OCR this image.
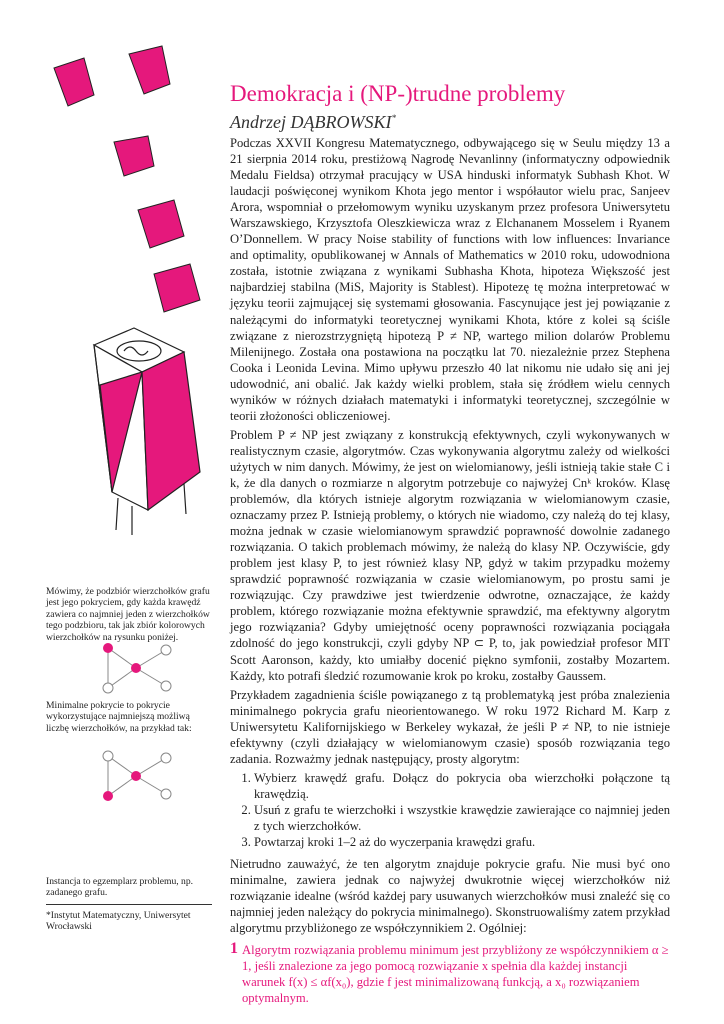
Mówimy, że podzbiór wierzchołków grafu jest jego pokryciem, gdy każda krawędź zawiera co najmniej jeden z wierzchołków tego podzbioru, tak jak zbiór kolorowych wierzchołków na rysunku poniżej.
Minimalne pokrycie to pokrycie wykorzystujące najmniejszą możliwą liczbę wierzchołków, na przykład tak:
Instancja to egzemplarz problemu, np. zadanego grafu.
*Instytut Matematyczny, Uniwersytet Wrocławski
Demokracja i (NP-)trudne problemy
Andrzej DĄBROWSKI*

Podczas XXVII Kongresu Matematycznego, odbywającego się w Seulu między 13 a 21 sierpnia 2014 roku, prestiżową Nagrodę Nevanlinny (informatyczny odpowiednik Medalu Fieldsa) otrzymał pracujący w USA hinduski informatyk Subhash Khot. W laudacji poświęconej wynikom Khota jego mentor i współautor wielu prac, Sanjeev Arora, wspomniał o przełomowym wyniku uzyskanym przez profesora Uniwersytetu Warszawskiego, Krzysztofa Oleszkiewicza wraz z Elchananem Mosselem i Ryanem O’Donnellem. W pracy Noise stability of functions with low influences: Invariance and optimality, opublikowanej w Annals of Mathematics w 2010 roku, udowodniona została, istotnie związana z wynikami Subhasha Khota, hipoteza Większość jest najbardziej stabilna (MiS, Majority is Stablest). Hipotezę tę można interpretować w języku teorii zajmującej się systemami głosowania. Fascynujące jest jej powiązanie z należącymi do informatyki teoretycznej wynikami Khota, które z kolei są ściśle związane z nierozstrzygniętą hipotezą P ≠ NP, wartego milion dolarów Problemu Milenijnego. Została ona postawiona na początku lat 70. niezależnie przez Stephena Cooka i Leonida Levina. Mimo upływu przeszło 40 lat nikomu nie udało się ani jej udowodnić, ani obalić. Jak każdy wielki problem, stała się źródłem wielu cennych wyników w różnych działach matematyki i informatyki teoretycznej, szczególnie w teorii złożoności obliczeniowej.

Problem P ≠ NP jest związany z konstrukcją efektywnych, czyli wykonywanych w realistycznym czasie, algorytmów. Czas wykonywania algorytmu zależy od wielkości użytych w nim danych. Mówimy, że jest on wielomianowy, jeśli istnieją takie stałe C i k, że dla danych o rozmiarze n algorytm potrzebuje co najwyżej Cnᵏ kroków. Klasę problemów, dla których istnieje algorytm rozwiązania w wielomianowym czasie, oznaczamy przez P. Istnieją problemy, o których nie wiadomo, czy należą do tej klasy, można jednak w czasie wielomianowym sprawdzić poprawność dowolnie zadanego rozwiązania. O takich problemach mówimy, że należą do klasy NP. Oczywiście, gdy problem jest klasy P, to jest również klasy NP, gdyż w takim przypadku możemy sprawdzić poprawność rozwiązania w czasie wielomianowym, po prostu sami je rozwiązując. Czy prawdziwe jest twierdzenie odwrotne, oznaczające, że każdy problem, którego rozwiązanie można efektywnie sprawdzić, ma efektywny algorytm jego rozwiązania? Gdyby umiejętność oceny poprawności rozwiązania pociągała zdolność do jego konstrukcji, czyli gdyby NP ⊂ P, to, jak powiedział profesor MIT Scott Aaronson, każdy, kto umiałby docenić piękno symfonii, zostałby Mozartem. Każdy, kto potrafi śledzić rozumowanie krok po kroku, zostałby Gaussem.

Przykładem zagadnienia ściśle powiązanego z tą problematyką jest próba znalezienia minimalnego pokrycia grafu nieorientowanego. W roku 1972 Richard M. Karp z Uniwersytetu Kalifornijskiego w Berkeley wykazał, że jeśli P ≠ NP, to nie istnieje efektywny (czyli działający w wielomianowym czasie) sposób rozwiązania tego zadania. Rozważmy jednak następujący, prosty algorytm:

1. Wybierz krawędź grafu. Dołącz do pokrycia oba wierzchołki połączone tą krawędzią.
2. Usuń z grafu te wierzchołki i wszystkie krawędzie zawierające co najmniej jeden z tych wierzchołków.
3. Powtarzaj kroki 1–2 aż do wyczerpania krawędzi grafu.

Nietrudno zauważyć, że ten algorytm znajduje pokrycie grafu. Nie musi być ono minimalne, zawiera jednak co najwyżej dwukrotnie więcej wierzchołków niż rozwiązanie idealne (wśród każdej pary usuwanych wierzchołków musi znaleźć się co najmniej jeden należący do pokrycia minimalnego). Skonstruowaliśmy zatem przykład algorytmu przybliżonego ze współczynnikiem 2. Ogólniej:

Algorytm rozwiązania problemu minimum jest przybliżony ze współczynnikiem α ≥ 1, jeśli znalezione za jego pomocą rozwiązanie x spełnia dla każdej instancji warunek f(x) ≤ αf(x₀), gdzie f jest minimalizowaną funkcją, a x₀ rozwiązaniem optymalnym.

1
